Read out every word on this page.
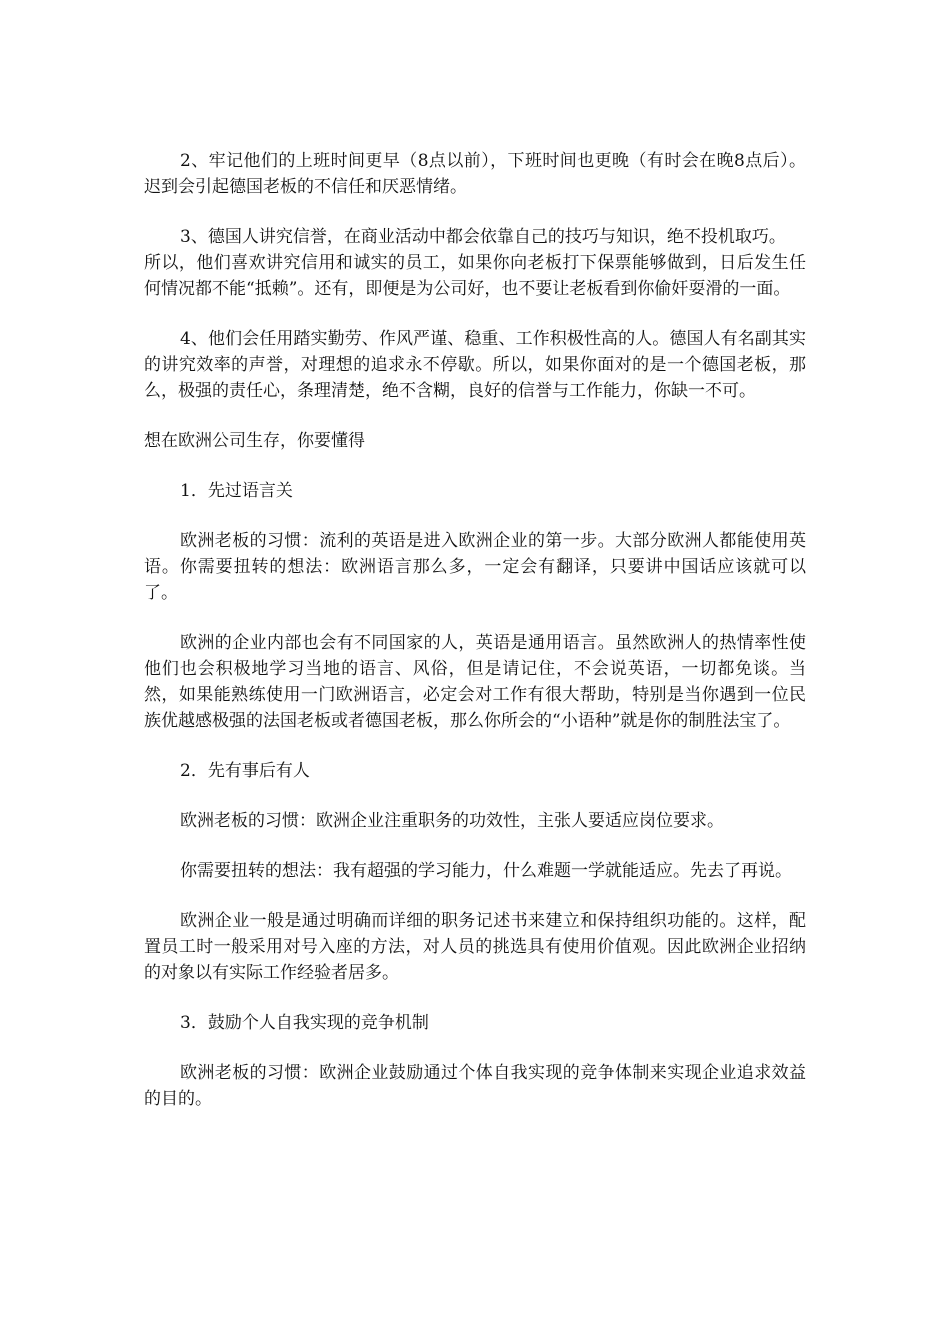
2、牢记他们的上班时间更早（8点以前），下班时间也更晚（有时会在晚8点后）。迟到会引起德国老板的不信任和厌恶情绪。

3、德国人讲究信誉，在商业活动中都会依靠自己的技巧与知识，绝不投机取巧。

所以，他们喜欢讲究信用和诚实的员工，如果你向老板打下保票能够做到，日后发生任何情况都不能“抵赖”。还有，即便是为公司好，也不要让老板看到你偷奸耍滑的一面。

4、他们会任用踏实勤劳、作风严谨、稳重、工作积极性高的人。德国人有名副其实的讲究效率的声誉，对理想的追求永不停歇。所以，如果你面对的是一个德国老板，那么，极强的责任心，条理清楚，绝不含糊，良好的信誉与工作能力，你缺一不可。

想在欧洲公司生存，你要懂得

1．先过语言关

欧洲老板的习惯：流利的英语是进入欧洲企业的第一步。大部分欧洲人都能使用英语。你需要扭转的想法：欧洲语言那么多，一定会有翻译，只要讲中国话应该就可以了。

欧洲的企业内部也会有不同国家的人，英语是通用语言。虽然欧洲人的热情率性使他们也会积极地学习当地的语言、风俗，但是请记住，不会说英语，一切都免谈。当然，如果能熟练使用一门欧洲语言，必定会对工作有很大帮助，特别是当你遇到一位民族优越感极强的法国老板或者德国老板，那么你所会的“小语种”就是你的制胜法宝了。

2．先有事后有人

欧洲老板的习惯：欧洲企业注重职务的功效性，主张人要适应岗位要求。

你需要扭转的想法：我有超强的学习能力，什么难题一学就能适应。先去了再说。

欧洲企业一般是通过明确而详细的职务记述书来建立和保持组织功能的。这样，配置员工时一般采用对号入座的方法，对人员的挑选具有使用价值观。因此欧洲企业招纳的对象以有实际工作经验者居多。

3．鼓励个人自我实现的竞争机制

欧洲老板的习惯：欧洲企业鼓励通过个体自我实现的竞争体制来实现企业追求效益的目的。
